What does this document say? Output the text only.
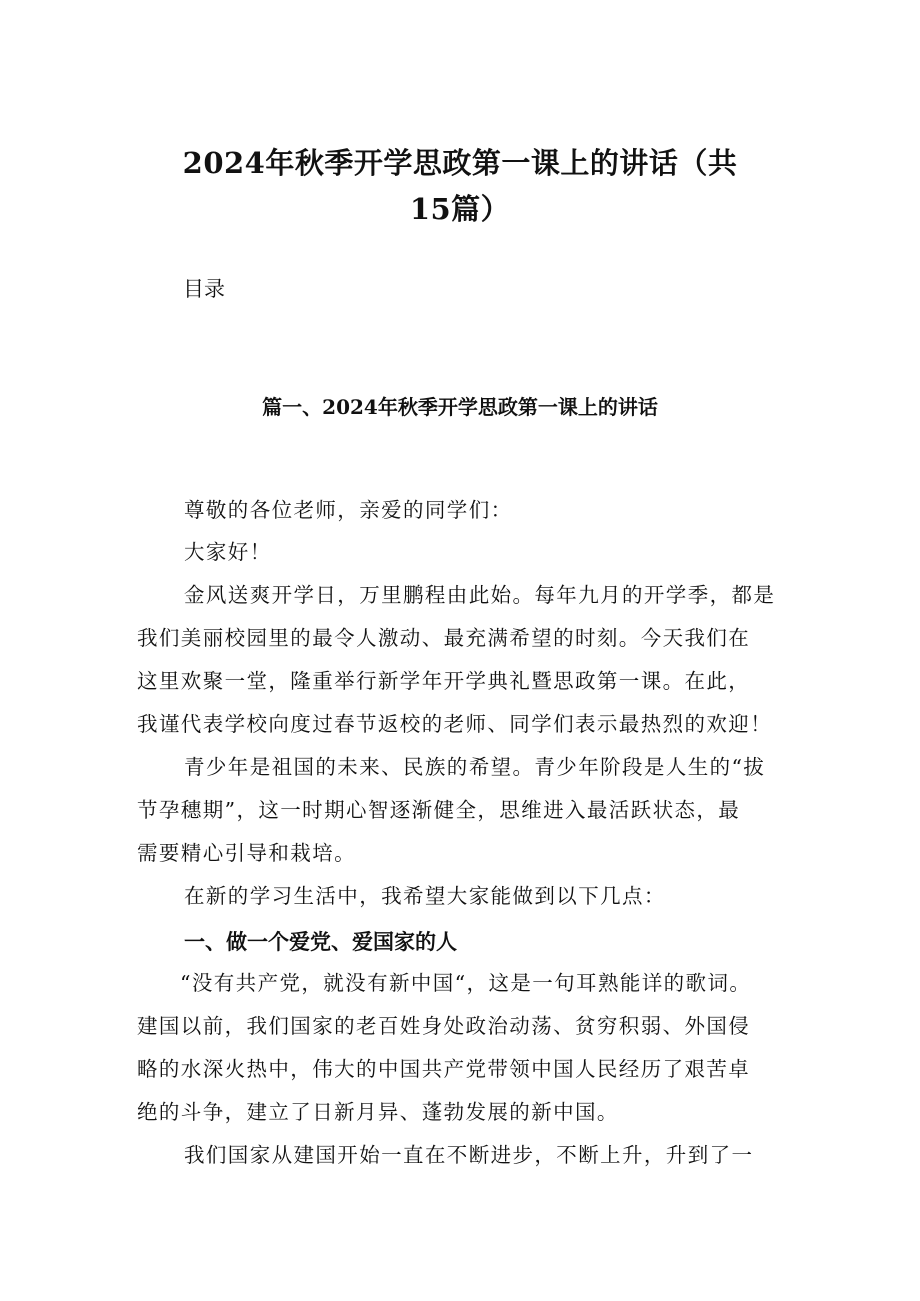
2024年秋季开学思政第一课上的讲话（共
15篇）

目录

篇一、2024年秋季开学思政第一课上的讲话

尊敬的各位老师，亲爱的同学们：

大家好！

金风送爽开学日，万里鹏程由此始。每年九月的开学季，都是

我们美丽校园里的最令人激动、最充满希望的时刻。今天我们在

这里欢聚一堂，隆重举行新学年开学典礼暨思政第一课。在此，

我谨代表学校向度过春节返校的老师、同学们表示最热烈的欢迎！

青少年是祖国的未来、民族的希望。青少年阶段是人生的“拔

节孕穗期”，这一时期心智逐渐健全，思维进入最活跃状态，最

需要精心引导和栽培。

在新的学习生活中，我希望大家能做到以下几点：

一、做一个爱党、爱国家的人

“没有共产党，就没有新中国“，这是一句耳熟能详的歌词。

建国以前，我们国家的老百姓身处政治动荡、贫穷积弱、外国侵

略的水深火热中，伟大的中国共产党带领中国人民经历了艰苦卓

绝的斗争，建立了日新月异、蓬勃发展的新中国。

我们国家从建国开始一直在不断进步，不断上升，升到了一
